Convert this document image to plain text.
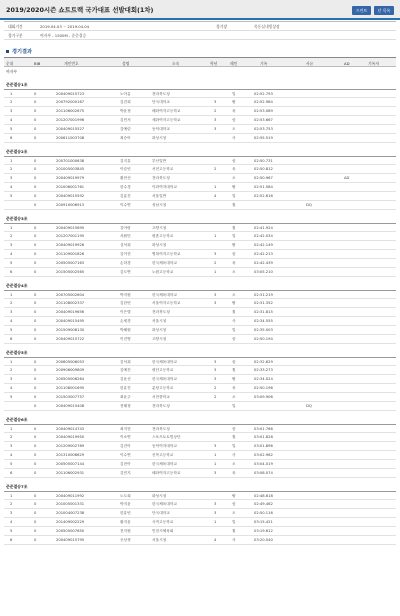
2019/2020시즌 쇼트트랙 국가대표 선발대회(1차)	프린트	닫 목록
대회기간	2019.04.03 ~ 2019.04.04	경기장	목동실내빙상장
경기구분	여자부 - 1500M - 준준결승
경기결과
순위	BIB	개인번호	성명	소속	학년	레인	기록	사유	AD	기록자
여자부
준준결승1조
1	0	200409015723	노아름	전라북도청	일	02:52.793
2	0	200792000167	김건희	단국대학교	3	팔	02:52.984
3	0	201106002675	박윤정	배화여자고등학교	2	육	02:53.089
4	0	201207001996	김민서	세화여자고등학교	3	삼	02:53.667
5	0	200409015527	김예린	동덕대학교	3	오	02:53.753
6	0	200611003708	최승아	화성시청	사	02:55.519
준준결승2조
1	0	200701000638	김지유	부산일반	삼	02:50.731
2	0	201005003845	이슬빈	서현고등학교	2	육	02:50.812
3	0	200409019979	황현선	전라북도청	오	02:50.967	AD
4	0	201006001761	한수경	이화여자대학교	1	팔	02:51.584
5	0	200409015592	김효진	서울일반	4	일	02:52.616
0	200910006913	이수연	성남시청	칠	DQ
준준결승3조
1	0	200409015695	김아랑	고양시청	칠	02:41.924
2	0	201207001195	서휘민	평촌고등학교	1	일	02:42.034
3	0	200409019926	심석희	화성시청	팔	02:42.149
4	0	201109001826	김이현	영복여자고등학교	3	삼	02:42.213
5	0	200505007163	손하경	한국체육대학교	2	육	02:42.439
6	0	201505002565	김도연	노원고등학교	1	오	03:05.210
준준결승4조
1	0	200705002604	박지원	한국체육대학교	3	오	02:31.219
2	0	201108002337	김한빈	서울여자고등학교	3	팔	02:31.352
3	0	200409019656	이은별	전라북도청	칠	02:31.815
4	0	200409015495	손세경	서울시청	사	02:34.555
5	0	201509008130	박혜원	화성시청	일	02:35.003
6	0	200409015722	이진영	고양시청	삼	02:50.194
준준결승5조
1	0	200605006053	김석희	한국체육대학교	3	삼	02:32.629
2	0	200906009809	김예진	평단고등학교	3	칠	02:33.273
3	0	200505006264	김윤선	한국체육대학교	3	팔	02:34.024
4	0	201108001695	한유진	분당고등학교	2	육	02:50.196
5	0	201503007757	최윤주	서현중학교	2	오	03:09.906
0	200409015408	전혜정	전라북도청	일	DQ
준준결승6조
1	0	200409014743	최지현	전라북도청	삼	03:01.766
2	0	200409019950	이소연	스포츠토토빙상단	칠	03:01.828
3	0	201209002769	김건아	동덕여자대학교	3	일	03:01.896
4	0	201310006629	이수연	신목고등학교	1	사	03:02.962
5	0	200505007144	김현아	한국체육대학교	1	오	03:04.019
6	0	201106002931	김민지	배화여자고등학교	3	육	03:08.074
준준결승7조
1	0	200409011992	노도희	화성시청	팔	02:48.618
2	0	201005001331	박지윤	한국체육대학교	3	삼	02:49.462
3	0	201004007238	한유빈	단국대학교	3	오	02:50.116
4	0	201409002229	황지윤	사직고등학교	1	일	03:15.421
5	0	200505007650	전지원	인천시체육회	칠	03:19.612
6	0	200409015795	공상정	서울시청	4	사	03:20.040
